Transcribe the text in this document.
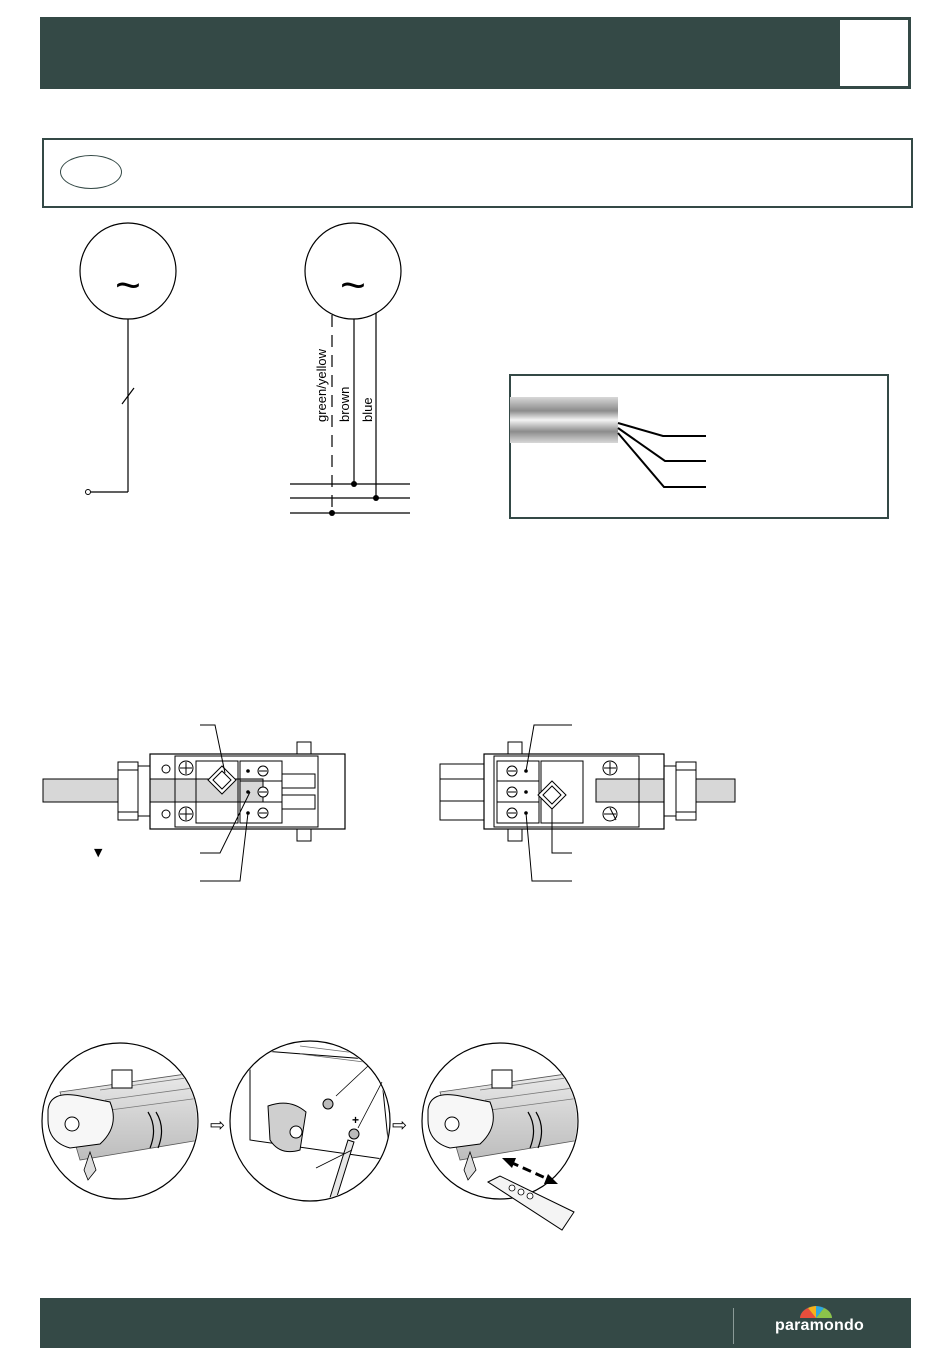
~	~
green/yellow brown blue
⇨	+ ⇨
▼
paramondo
